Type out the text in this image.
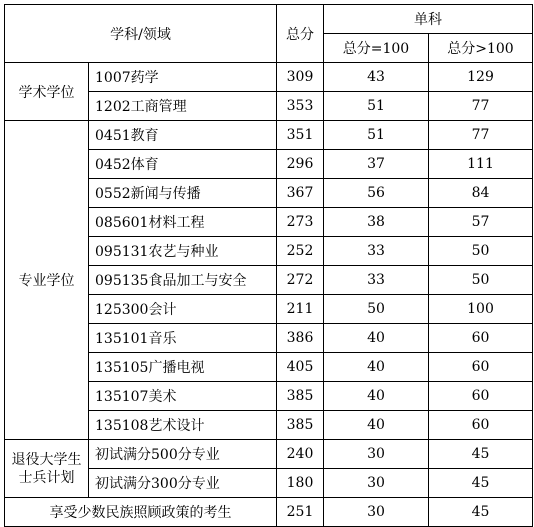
学科/领域		总分	单科	
			总分=100	总分>100
学术学位	1007药学	309	43	129
	1202工商管理	353	51	77
专业学位	0451教育	351	51	77
	0452体育	296	37	111
	0552新闻与传播	367	56	84
	085601材料工程	273	38	57
	095131农艺与种业	252	33	50
	095135食品加工与安全	272	33	50
	125300会计	211	50	100
	135101音乐	386	40	60
	135105广播电视	405	40	60
	135107美术	385	40	60
	135108艺术设计	385	40	60
退役大学生士兵计划	初试满分500分专业	240	30	45
	初试满分300分专业	180	30	45
享受少数民族照顾政策的考生		251	30	45
